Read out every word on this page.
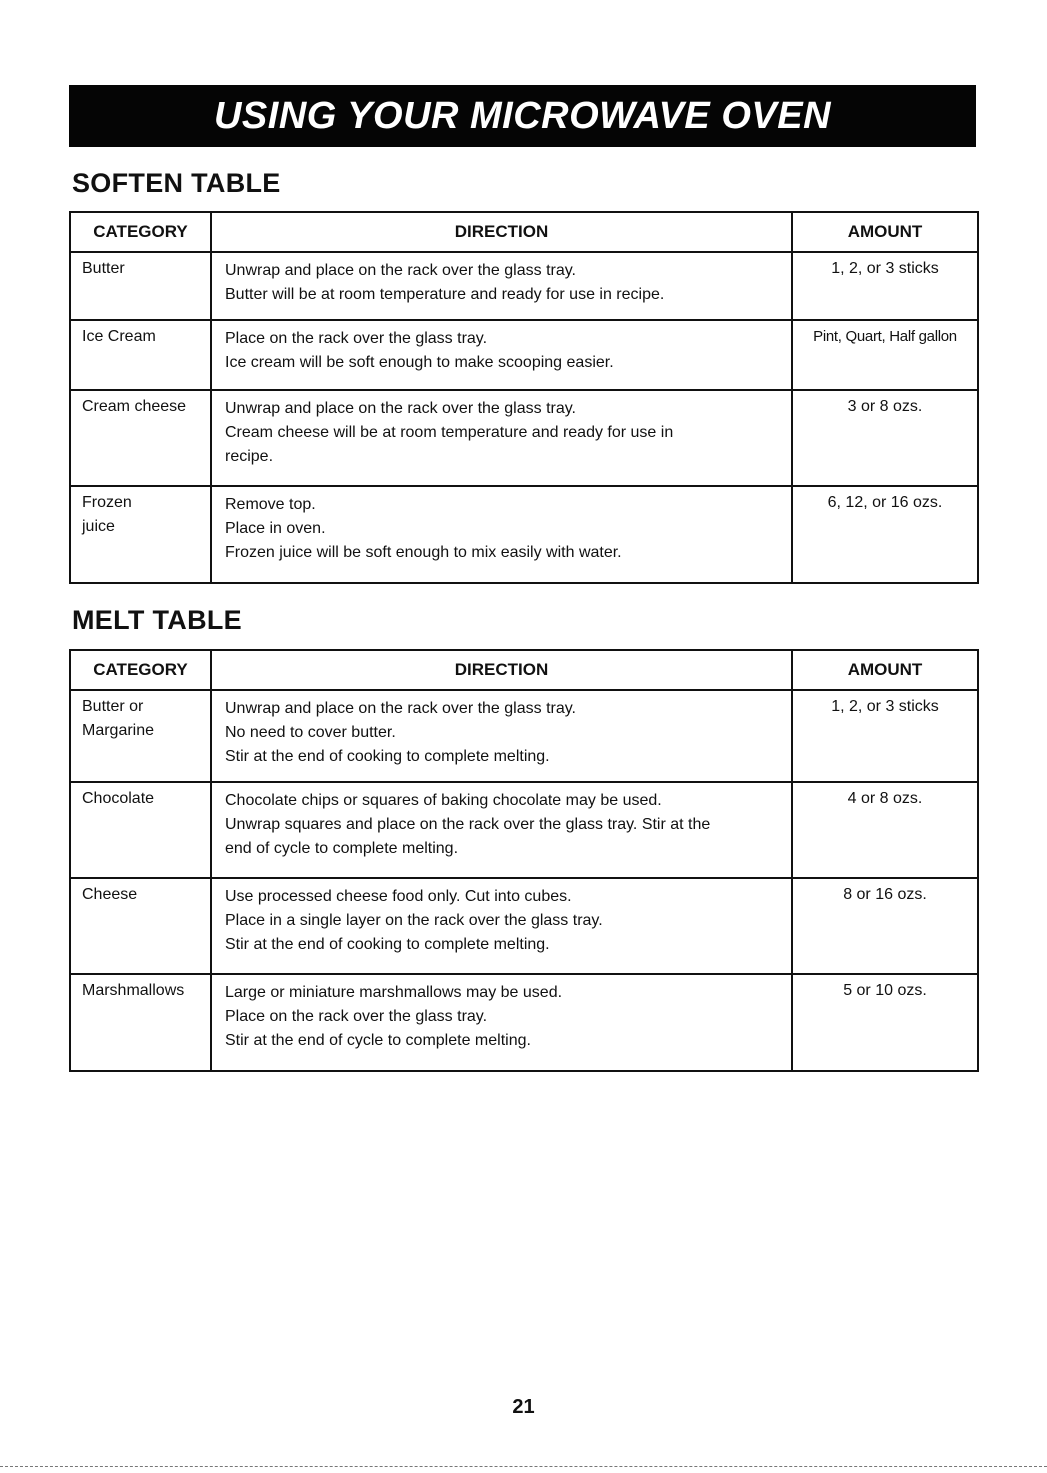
USING YOUR MICROWAVE OVEN
SOFTEN TABLE
CATEGORY	DIRECTION	AMOUNT

Butter	Unwrap and place on the rack over the glass tray.
Butter will be at room temperature and ready for use in recipe.	1, 2, or 3 sticks

Ice Cream	Place on the rack over the glass tray.
Ice cream will be soft enough to make scooping easier.	Pint, Quart, Half gallon

Cream cheese	Unwrap and place on the rack over the glass tray.
Cream cheese will be at room temperature and ready for use in
recipe.	3 or 8 ozs.

Frozen
juice	Remove top.
Place in oven.
Frozen juice will be soft enough to mix easily with water.	6, 12, or 16 ozs.
MELT TABLE
CATEGORY	DIRECTION	AMOUNT

Butter or
Margarine	Unwrap and place on the rack over the glass tray.
No need to cover butter.
Stir at the end of cooking to complete melting.	1, 2, or 3 sticks

Chocolate	Chocolate chips or squares of baking chocolate may be used.
Unwrap squares and place on the rack over the glass tray. Stir at the
end of cycle to complete melting.	4 or 8 ozs.

Cheese	Use processed cheese food only. Cut into cubes.
Place in a single layer on the rack over the glass tray.
Stir at the end of cooking to complete melting.	8 or 16 ozs.

Marshmallows	Large or miniature marshmallows may be used.
Place on the rack over the glass tray.
Stir at the end of cycle to complete melting.	5 or 10 ozs.
21
